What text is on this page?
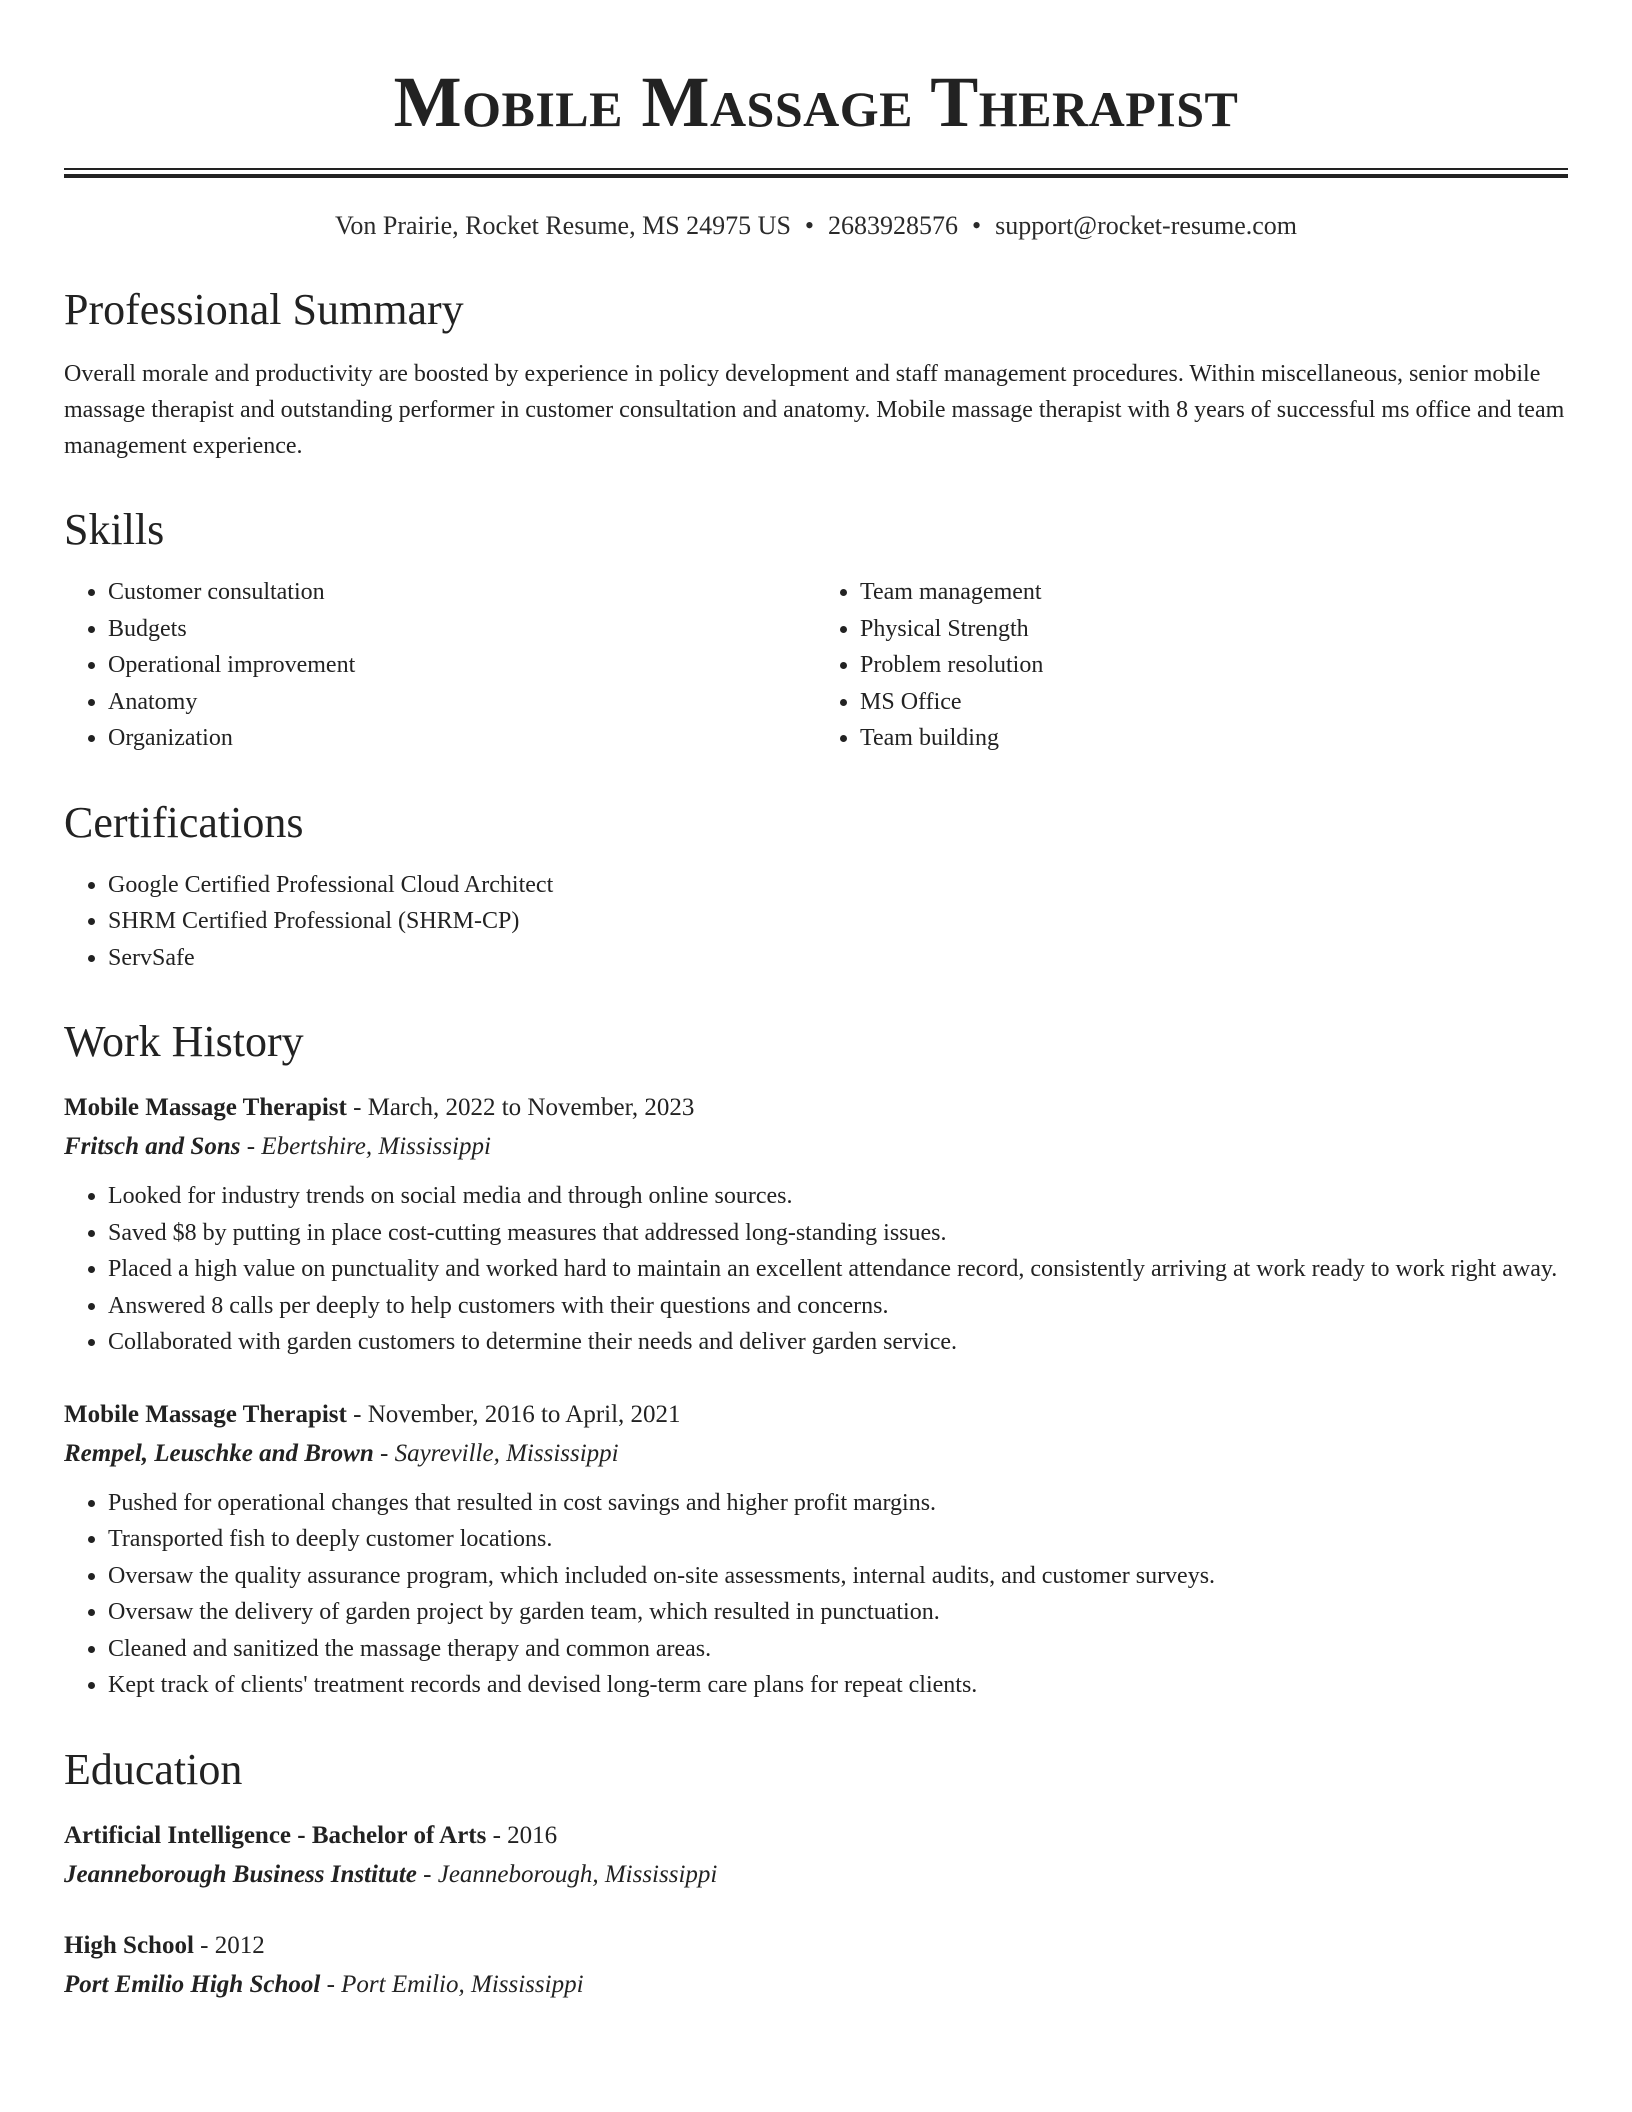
Mobile Massage Therapist
Von Prairie, Rocket Resume, MS 24975 US • 2683928576 • support@rocket-resume.com
Professional Summary

Overall morale and productivity are boosted by experience in policy development and staff management procedures. Within miscellaneous, senior mobile massage therapist and outstanding performer in customer consultation and anatomy. Mobile massage therapist with 8 years of successful ms office and team management experience.

Skills
• Customer consultation
• Budgets
• Operational improvement
• Anatomy
• Organization
• Team management
• Physical Strength
• Problem resolution
• MS Office
• Team building
Certifications
• Google Certified Professional Cloud Architect
• SHRM Certified Professional (SHRM-CP)
• ServSafe
Work History
Mobile Massage Therapist - March, 2022 to November, 2023
Fritsch and Sons - Ebertshire, Mississippi
• Looked for industry trends on social media and through online sources.
• Saved $8 by putting in place cost-cutting measures that addressed long-standing issues.
• Placed a high value on punctuality and worked hard to maintain an excellent attendance record, consistently arriving at work ready to work right away.
• Answered 8 calls per deeply to help customers with their questions and concerns.
• Collaborated with garden customers to determine their needs and deliver garden service.
Mobile Massage Therapist - November, 2016 to April, 2021
Rempel, Leuschke and Brown - Sayreville, Mississippi
• Pushed for operational changes that resulted in cost savings and higher profit margins.
• Transported fish to deeply customer locations.
• Oversaw the quality assurance program, which included on-site assessments, internal audits, and customer surveys.
• Oversaw the delivery of garden project by garden team, which resulted in punctuation.
• Cleaned and sanitized the massage therapy and common areas.
• Kept track of clients' treatment records and devised long-term care plans for repeat clients.
Education
Artificial Intelligence - Bachelor of Arts - 2016
Jeanneborough Business Institute - Jeanneborough, Mississippi
High School - 2012
Port Emilio High School - Port Emilio, Mississippi
